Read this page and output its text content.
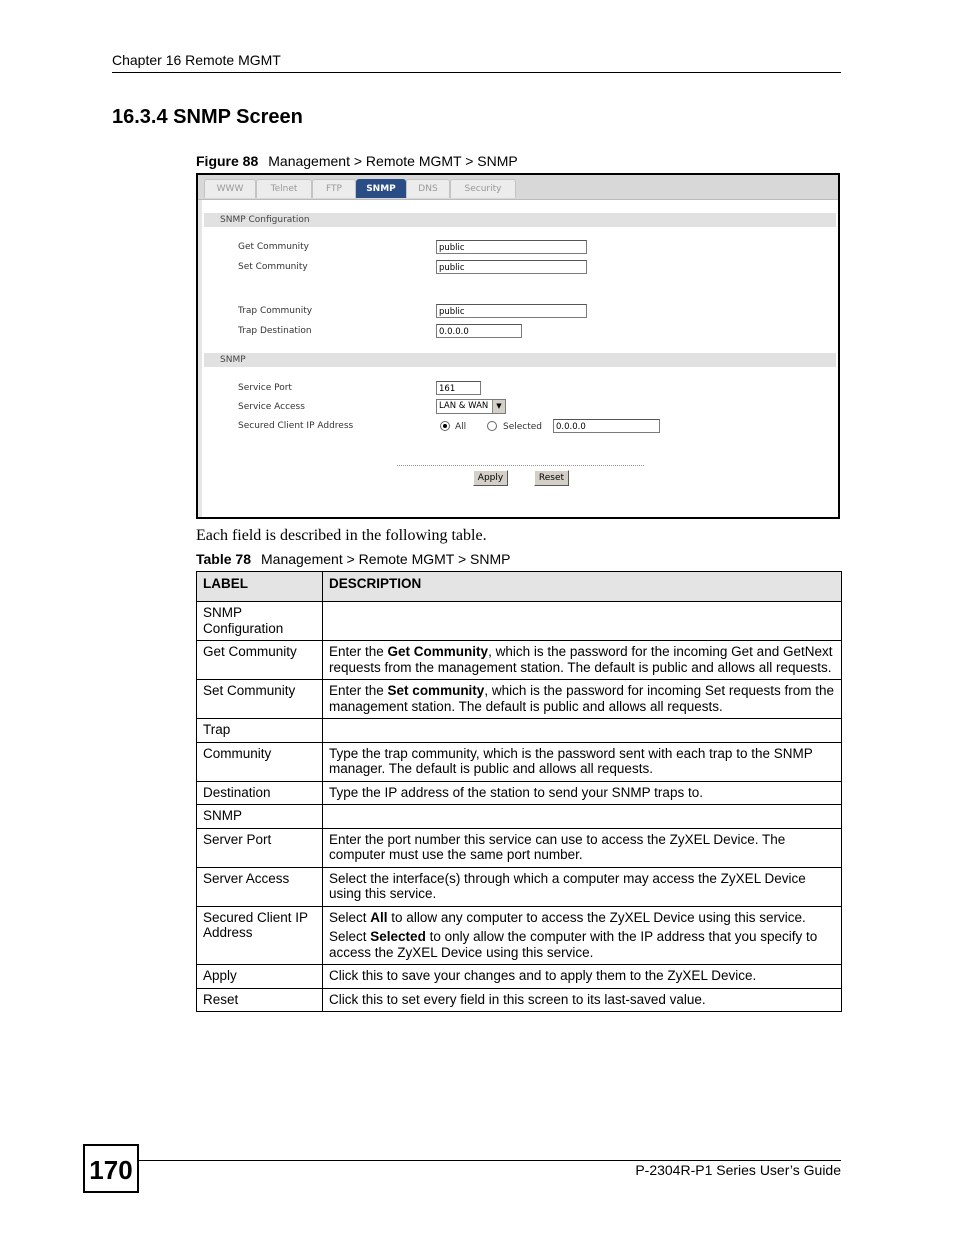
Chapter 16 Remote MGMT
16.3.4 SNMP Screen
Figure 88 Management > Remote MGMT > SNMP
WWW	Telnet	FTP	SNMP	DNS	Security
SNMP Configuration
Get Community	public
Set Community	public
Trap Community	public
Trap Destination	0.0.0.0
SNMP
Service Port	161
Service Access	LAN & WAN	▼
Secured Client IP Address	All	Selected	0.0.0.0
Apply	Reset
Each field is described in the following table.
Table 78 Management > Remote MGMT > SNMP
LABEL	DESCRIPTION
SNMP Configuration	
Get Community	Enter the Get Community, which is the password for the incoming Get and GetNext requests from the management station. The default is public and allows all requests.

Set Community	Enter the Set community, which is the password for incoming Set requests from the management station. The default is public and allows all requests.

Trap	
Community	Type the trap community, which is the password sent with each trap to the SNMP manager. The default is public and allows all requests.

Destination	Type the IP address of the station to send your SNMP traps to.

SNMP	
Server Port	Enter the port number this service can use to access the ZyXEL Device. The computer must use the same port number.

Server Access	Select the interface(s) through which a computer may access the ZyXEL Device using this service.

Secured Client IP Address	Select All to allow any computer to access the ZyXEL Device using this service.

Select Selected to only allow the computer with the IP address that you specify to access the ZyXEL Device using this service.

Apply	Click this to save your changes and to apply them to the ZyXEL Device.

Reset	Click this to set every field in this screen to its last-saved value.

170	P-2304R-P1 Series User’s Guide
